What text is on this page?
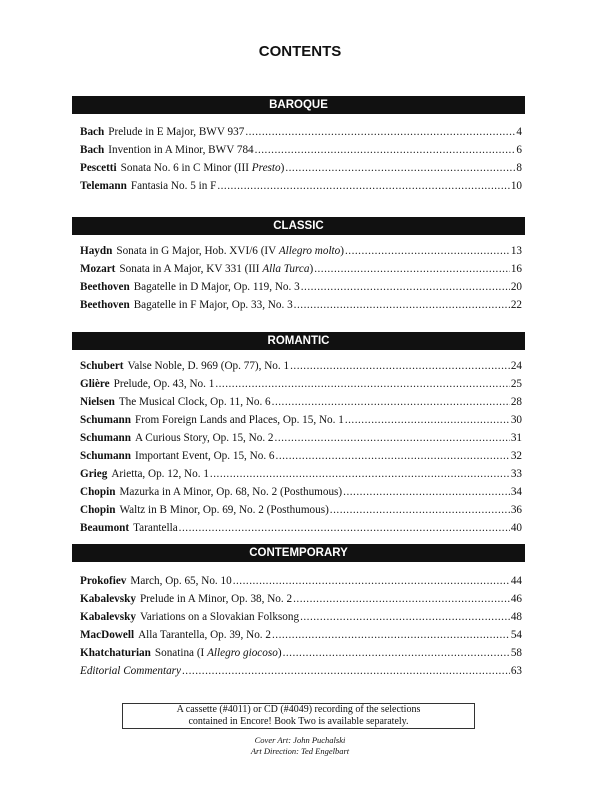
CONTENTS
BAROQUE
Bach Prelude in E Major, BWV 937 .....	4
Bach Invention in A Minor, BWV 784 .....	6
Pescetti Sonata No. 6 in C Minor (III Presto) .....	8
Telemann Fantasia No. 5 in F .....	10
CLASSIC
Haydn Sonata in G Major, Hob. XVI/6 (IV Allegro molto) .....	13
Mozart Sonata in A Major, KV 331 (III Alla Turca) .....	16
Beethoven Bagatelle in D Major, Op. 119, No. 3 .....	20
Beethoven Bagatelle in F Major, Op. 33, No. 3 .....	22
ROMANTIC
Schubert Valse Noble, D. 969 (Op. 77), No. 1 .....	24
Glière Prelude, Op. 43, No. 1 .....	25
Nielsen The Musical Clock, Op. 11, No. 6 .....	28
Schumann From Foreign Lands and Places, Op. 15, No. 1 .....	30
Schumann A Curious Story, Op. 15, No. 2 .....	31
Schumann Important Event, Op. 15, No. 6 .....	32
Grieg Arietta, Op. 12, No. 1 .....	33
Chopin Mazurka in A Minor, Op. 68, No. 2 (Posthumous) .....	34
Chopin Waltz in B Minor, Op. 69, No. 2 (Posthumous) .....	36
Beaumont Tarantella .....	40
CONTEMPORARY
Prokofiev March, Op. 65, No. 10 .....	44
Kabalevsky Prelude in A Minor, Op. 38, No. 2 .....	46
Kabalevsky Variations on a Slovakian Folksong .....	48
MacDowell Alla Tarantella, Op. 39, No. 2 .....	54
Khatchaturian Sonatina (I Allegro giocoso) .....	58
Editorial Commentary .....	63
A cassette (#4011) or CD (#4049) recording of the selections
contained in Encore! Book Two is available separately.
Cover Art: John Puchalski
Art Direction: Ted Engelbart
